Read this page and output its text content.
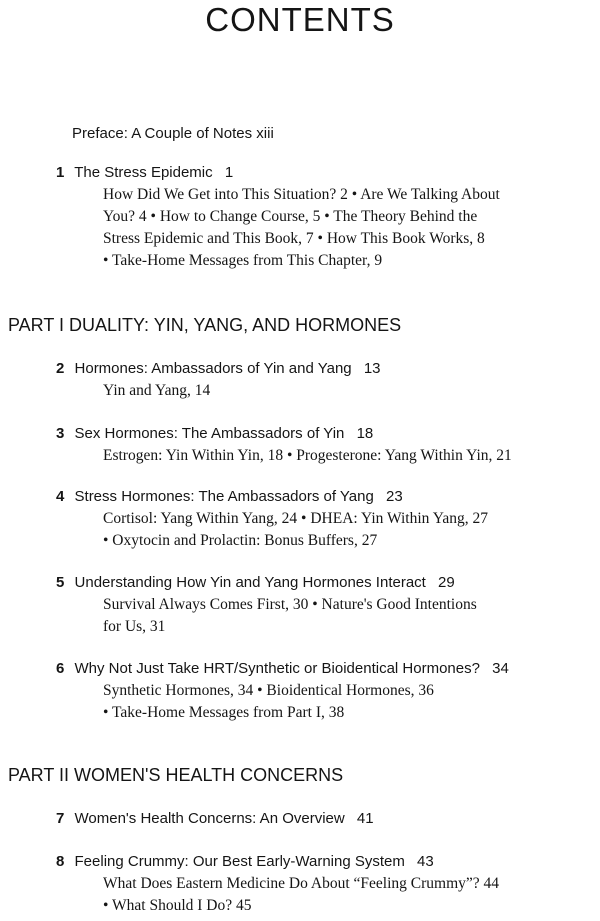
CONTENTS
Preface: A Couple of Notes xiii
1 The Stress Epidemic 1
How Did We Get into This Situation? 2 • Are We Talking About
You? 4 • How to Change Course, 5 • The Theory Behind the
Stress Epidemic and This Book, 7 • How This Book Works, 8
• Take-Home Messages from This Chapter, 9
PART I DUALITY: YIN, YANG, AND HORMONES
2 Hormones: Ambassadors of Yin and Yang 13
Yin and Yang, 14
3 Sex Hormones: The Ambassadors of Yin 18
Estrogen: Yin Within Yin, 18 • Progesterone: Yang Within Yin, 21
4 Stress Hormones: The Ambassadors of Yang 23
Cortisol: Yang Within Yang, 24 • DHEA: Yin Within Yang, 27
• Oxytocin and Prolactin: Bonus Buffers, 27
5 Understanding How Yin and Yang Hormones Interact 29
Survival Always Comes First, 30 • Nature's Good Intentions
for Us, 31
6 Why Not Just Take HRT/Synthetic or Bioidentical Hormones? 34
Synthetic Hormones, 34 • Bioidentical Hormones, 36
• Take-Home Messages from Part I, 38
PART II WOMEN'S HEALTH CONCERNS
7 Women's Health Concerns: An Overview 41
8 Feeling Crummy: Our Best Early-Warning System 43
What Does Eastern Medicine Do About “Feeling Crummy”? 44
• What Should I Do? 45
